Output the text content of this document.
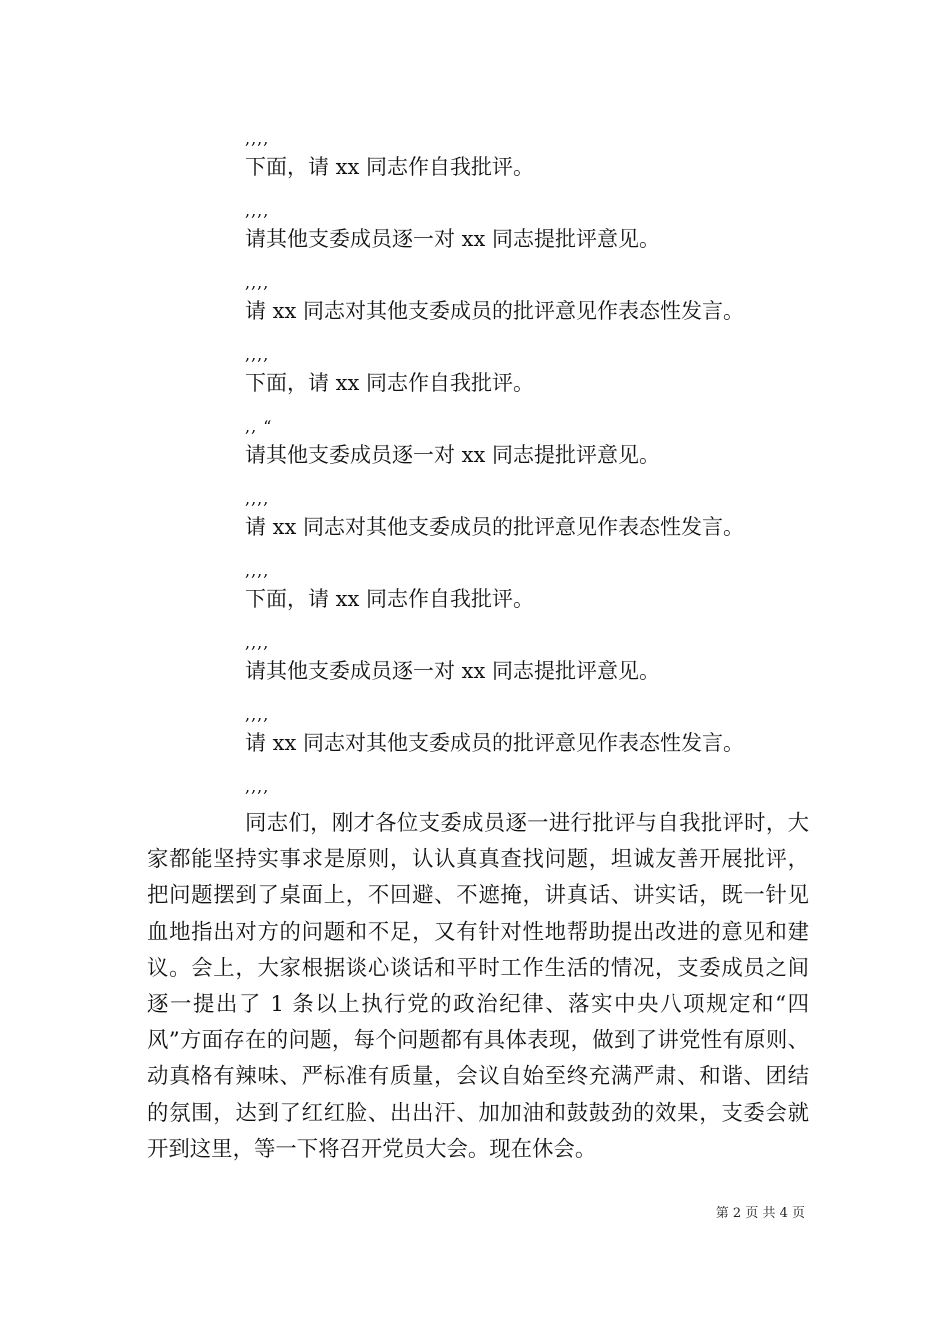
,,,,

下面，请 xx 同志作自我批评。

,,,,

请其他支委成员逐一对 xx 同志提批评意见。

,,,,

请 xx 同志对其他支委成员的批评意见作表态性发言。

,,,,

下面，请 xx 同志作自我批评。

,, “

请其他支委成员逐一对 xx 同志提批评意见。

,,,,

请 xx 同志对其他支委成员的批评意见作表态性发言。

,,,,

下面，请 xx 同志作自我批评。

,,,,

请其他支委成员逐一对 xx 同志提批评意见。

,,,,

请 xx 同志对其他支委成员的批评意见作表态性发言。

,,,,

同志们，刚才各位支委成员逐一进行批评与自我批评时，大家都能坚持实事求是原则，认认真真查找问题，坦诚友善开展批评，把问题摆到了桌面上，不回避、不遮掩，讲真话、讲实话，既一针见血地指出对方的问题和不足，又有针对性地帮助提出改进的意见和建议。会上，大家根据谈心谈话和平时工作生活的情况，支委成员之间逐一提出了 1 条以上执行党的政治纪律、落实中央八项规定和“四风”方面存在的问题，每个问题都有具体表现，做到了讲党性有原则、动真格有辣味、严标准有质量，会议自始至终充满严肃、和谐、团结的氛围，达到了红红脸、出出汗、加加油和鼓鼓劲的效果，支委会就开到这里，等一下将召开党员大会。现在休会。

第 2 页 共 4 页
